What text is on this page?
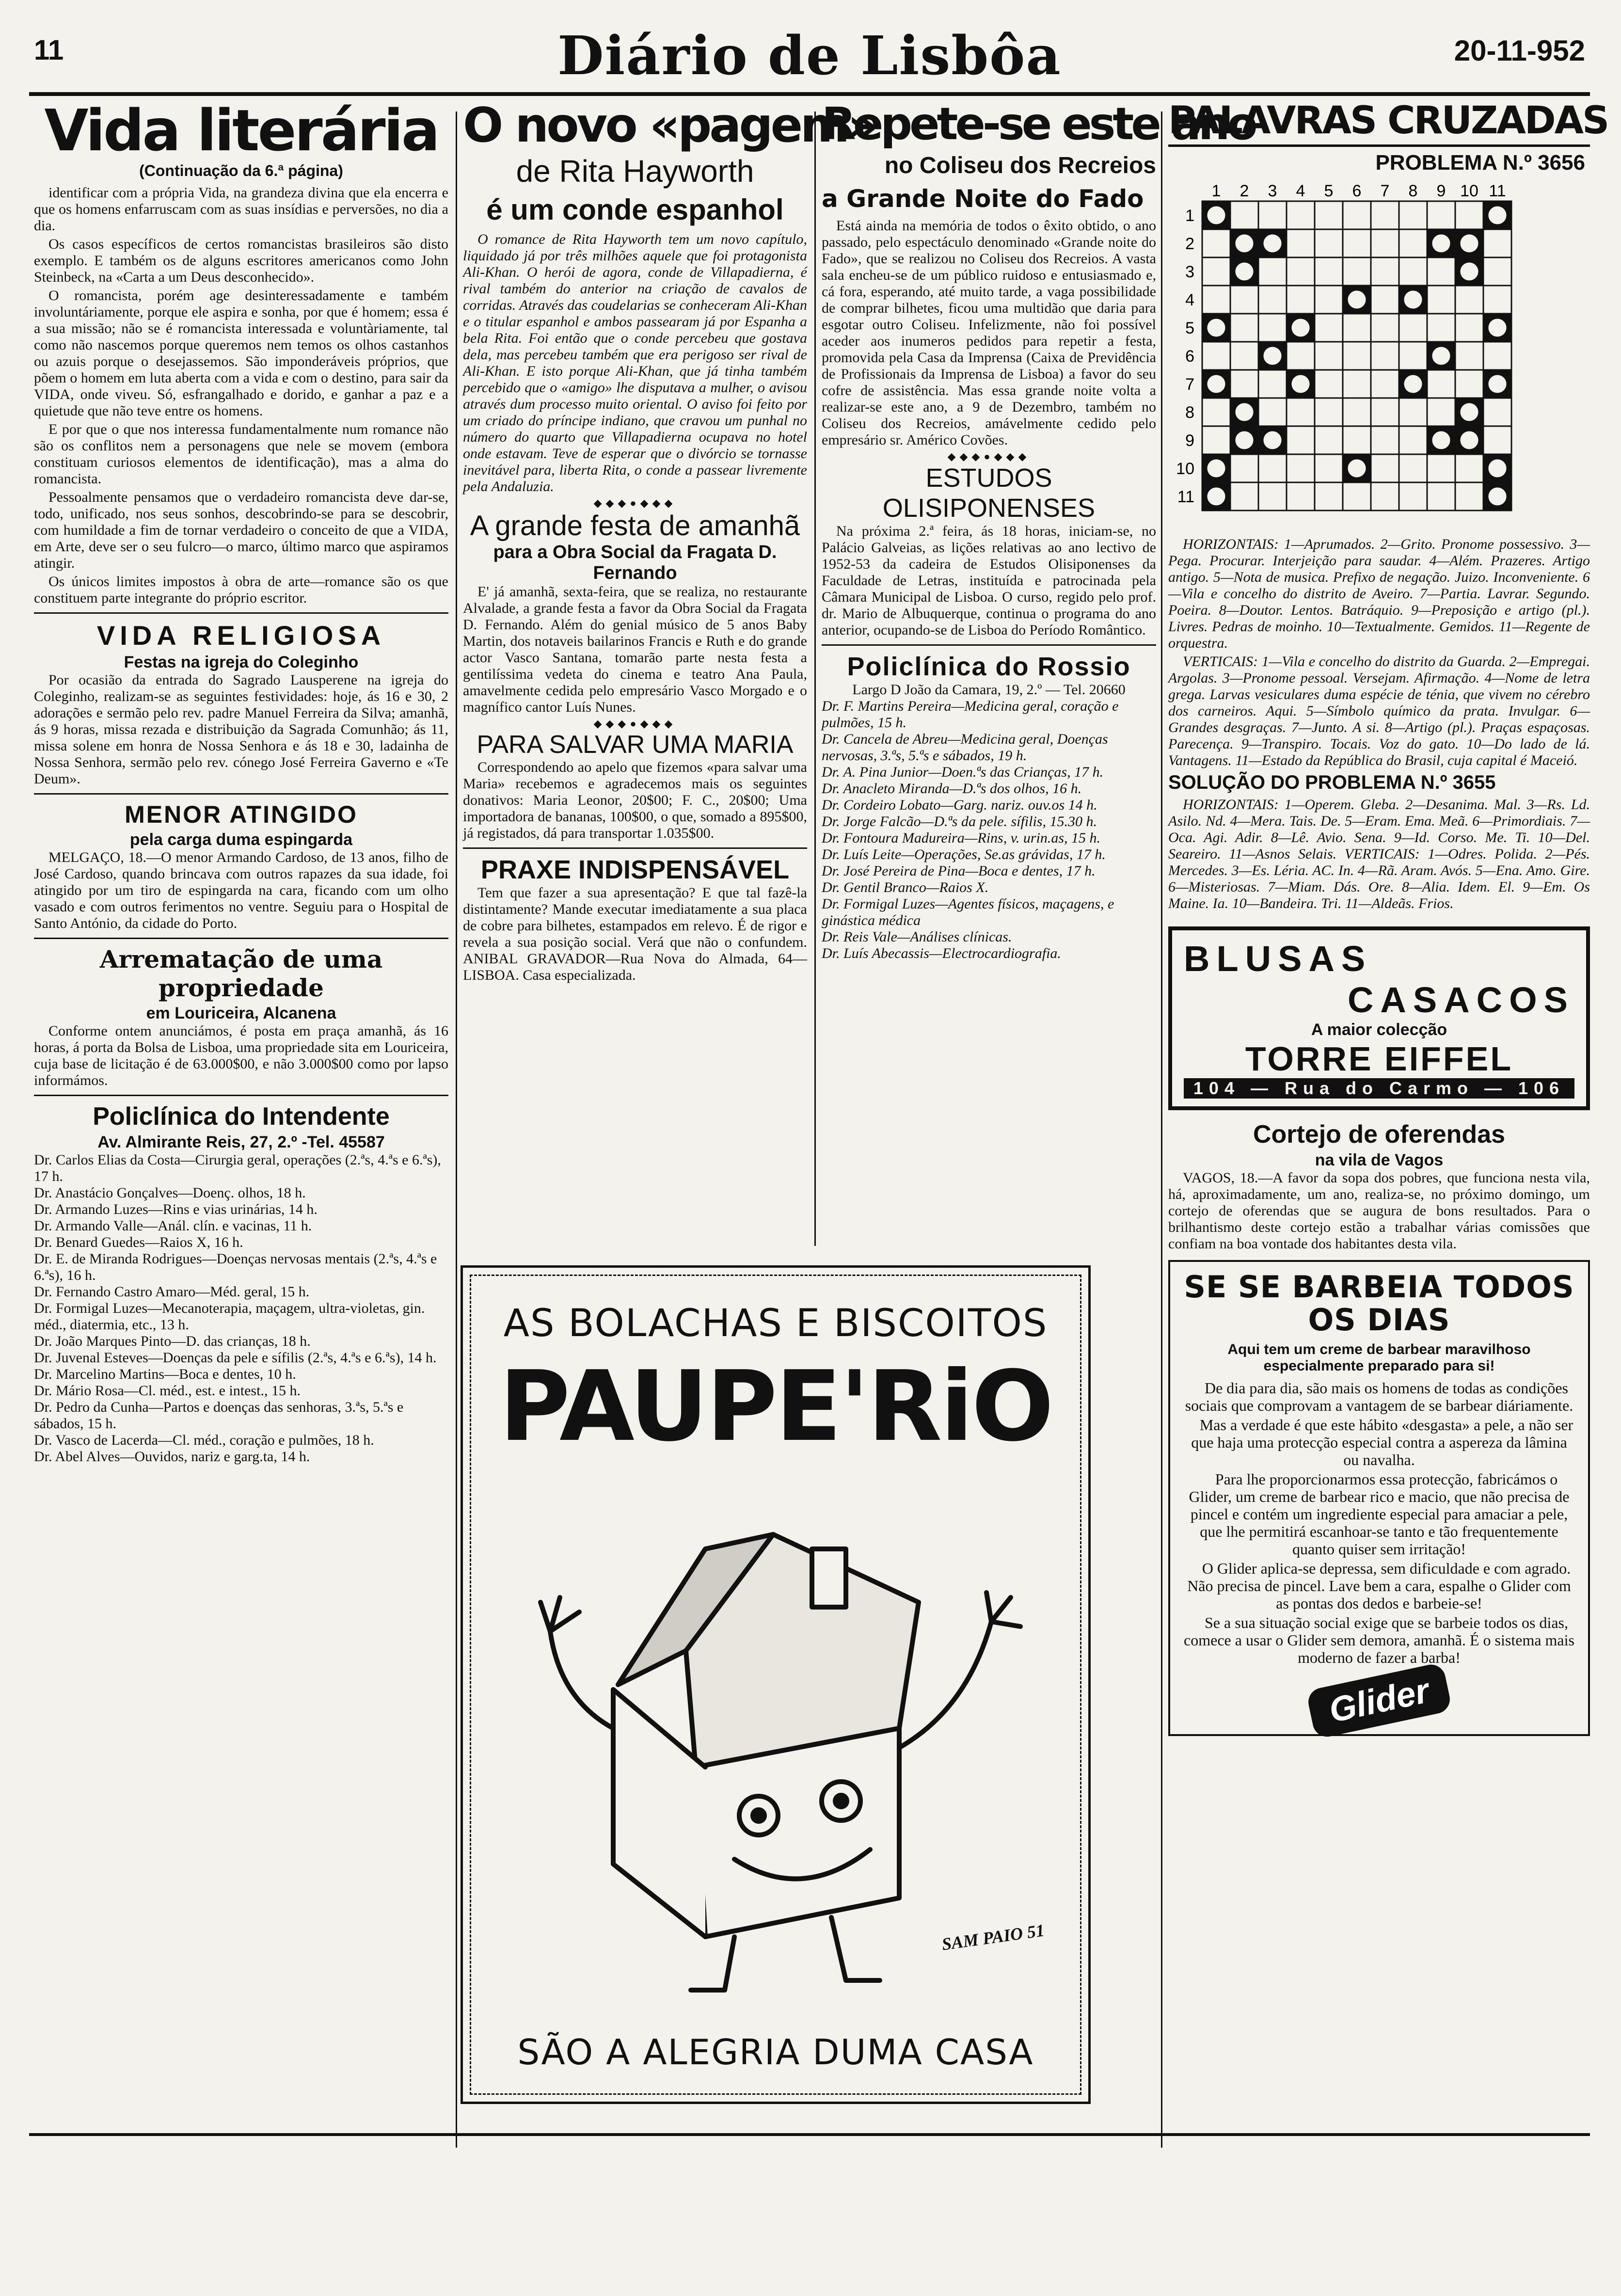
11	Diário de Lisbôa	20-11-952
Vida literária
(Continuação da 6.ª página)

identificar com a própria Vida, na grandeza divina que ela encerra e que os homens enfarruscam com as suas insídias e perversões, no dia a dia.

Os casos específicos de certos romancistas brasileiros são disto exemplo. E também os de alguns escritores americanos como John Steinbeck, na «Carta a um Deus desconhecido».

O romancista, porém age desinteressadamente e também involuntáriamente, porque ele aspira e sonha, por que é homem; essa é a sua missão; não se é romancista interessada e voluntàriamente, tal como não nascemos porque queremos nem temos os olhos castanhos ou azuis porque o desejassemos. São imponderáveis próprios, que põem o homem em luta aberta com a vida e com o destino, para sair da VIDA, onde viveu. Só, esfrangalhado e dorido, e ganhar a paz e a quietude que não teve entre os homens.

E por que o que nos interessa fundamentalmente num romance não são os conflitos nem a personagens que nele se movem (embora constituam curiosos elementos de identificação), mas a alma do romancista.

Pessoalmente pensamos que o verdadeiro romancista deve dar-se, todo, unificado, nos seus sonhos, descobrindo-se para se descobrir, com humildade a fim de tornar verdadeiro o conceito de que a VIDA, em Arte, deve ser o seu fulcro—o marco, último marco que aspiramos atingir.

Os únicos limites impostos à obra de arte—romance são os que constituem parte integrante do próprio escritor.

VIDA RELIGIOSA
Festas na igreja do Coleginho

Por ocasião da entrada do Sagrado Lausperene na igreja do Coleginho, realizam-se as seguintes festividades: hoje, ás 16 e 30, 2 adorações e sermão pelo rev. padre Manuel Ferreira da Silva; amanhã, ás 9 horas, missa rezada e distribuição da Sagrada Comunhão; ás 11, missa solene em honra de Nossa Senhora e ás 18 e 30, ladainha de Nossa Senhora, sermão pelo rev. cónego José Ferreira Gaverno e «Te Deum».

MENOR ATINGIDO
pela carga duma espingarda

MELGAÇO, 18.—O menor Armando Cardoso, de 13 anos, filho de José Cardoso, quando brincava com outros rapazes da sua idade, foi atingido por um tiro de espingarda na cara, ficando com um olho vasado e com outros ferimentos no ventre. Seguiu para o Hospital de Santo António, da cidade do Porto.

Arrematação de uma propriedade
em Louriceira, Alcanena

Conforme ontem anunciámos, é posta em praça amanhã, ás 16 horas, á porta da Bolsa de Lisboa, uma propriedade sita em Louriceira, cuja base de licitação é de 63.000$00, e não 3.000$00 como por lapso informámos.

Policlínica do Intendente
Av. Almirante Reis, 27, 2.º -Tel. 45587
Dr. Carlos Elias da Costa—Cirurgia geral, operações (2.ªs, 4.ªs e 6.ªs), 17 h.
Dr. Anastácio Gonçalves—Doenç. olhos, 18 h.
Dr. Armando Luzes—Rins e vias urinárias, 14 h.
Dr. Armando Valle—Anál. clín. e vacinas, 11 h.
Dr. Benard Guedes—Raios X, 16 h.
Dr. E. de Miranda Rodrigues—Doenças nervosas mentais (2.ªs, 4.ªs e 6.ªs), 16 h.
Dr. Fernando Castro Amaro—Méd. geral, 15 h.
Dr. Formigal Luzes—Mecanoterapia, maçagem, ultra-violetas, gin. méd., diatermia, etc., 13 h.
Dr. João Marques Pinto—D. das crianças, 18 h.
Dr. Juvenal Esteves—Doenças da pele e sífilis (2.ªs, 4.ªs e 6.ªs), 14 h.
Dr. Marcelino Martins—Boca e dentes, 10 h.
Dr. Mário Rosa—Cl. méd., est. e intest., 15 h.
Dr. Pedro da Cunha—Partos e doenças das senhoras, 3.ªs, 5.ªs e sábados, 15 h.
Dr. Vasco de Lacerda—Cl. méd., coração e pulmões, 18 h.
Dr. Abel Alves—Ouvidos, nariz e garg.ta, 14 h.
O novo «pagem»
de Rita Hayworth
é um conde espanhol

O romance de Rita Hayworth tem um novo capítulo, liquidado já por três milhões aquele que foi protagonista Ali-Khan. O herói de agora, conde de Villapadierna, é rival também do anterior na criação de cavalos de corridas. Através das coudelarias se conheceram Ali-Khan e o titular espanhol e ambos passearam já por Espanha a bela Rita. Foi então que o conde percebeu que gostava dela, mas percebeu também que era perigoso ser rival de Ali-Khan. E isto porque Ali-Khan, que já tinha também percebido que o «amigo» lhe disputava a mulher, o avisou através dum processo muito oriental. O aviso foi feito por um criado do príncipe indiano, que cravou um punhal no número do quarto que Villapadierna ocupava no hotel onde estavam. Teve de esperar que o divórcio se tornasse inevitável para, liberta Rita, o conde a passear livremente pela Andaluzia.

◆◆◆●◆◆◆
A grande festa de amanhã
para a Obra Social da Fragata D. Fernando

E' já amanhã, sexta-feira, que se realiza, no restaurante Alvalade, a grande festa a favor da Obra Social da Fragata D. Fernando. Além do genial músico de 5 anos Baby Martin, dos notaveis bailarinos Francis e Ruth e do grande actor Vasco Santana, tomarão parte nesta festa a gentilíssima vedeta do cinema e teatro Ana Paula, amavelmente cedida pelo empresário Vasco Morgado e o magnífico cantor Luís Nunes.

◆◆◆●◆◆◆
PARA SALVAR UMA MARIA

Correspondendo ao apelo que fizemos «para salvar uma Maria» recebemos e agradecemos mais os seguintes donativos: Maria Leonor, 20$00; F. C., 20$00; Uma importadora de bananas, 100$00, o que, somado a 895$00, já registados, dá para transportar 1.035$00.

PRAXE INDISPENSÁVEL

Tem que fazer a sua apresentação? E que tal fazê-la distintamente? Mande executar imediatamente a sua placa de cobre para bilhetes, estampados em relevo. É de rigor e revela a sua posição social. Verá que não o confundem. ANIBAL GRAVADOR—Rua Nova do Almada, 64—LISBOA. Casa especializada.

Repete-se este ano
no Coliseu dos Recreios
a Grande Noite do Fado

Está ainda na memória de todos o êxito obtido, o ano passado, pelo espectáculo denominado «Grande noite do Fado», que se realizou no Coliseu dos Recreios. A vasta sala encheu-se de um público ruidoso e entusiasmado e, cá fora, esperando, até muito tarde, a vaga possibilidade de comprar bilhetes, ficou uma multidão que daria para esgotar outro Coliseu. Infelizmente, não foi possível aceder aos inumeros pedidos para repetir a festa, promovida pela Casa da Imprensa (Caixa de Previdência de Profissionais da Imprensa de Lisboa) a favor do seu cofre de assistência. Mas essa grande noite volta a realizar-se este ano, a 9 de Dezembro, também no Coliseu dos Recreios, amávelmente cedido pelo empresário sr. Américo Covões.

◆◆◆●◆◆◆
ESTUDOS OLISIPONENSES

Na próxima 2.ª feira, ás 18 horas, iniciam-se, no Palácio Galveias, as lições relativas ao ano lectivo de 1952-53 da cadeira de Estudos Olisiponenses da Faculdade de Letras, instituída e patrocinada pela Câmara Municipal de Lisboa. O curso, regido pelo prof. dr. Mario de Albuquerque, continua o programa do ano anterior, ocupando-se de Lisboa do Período Romântico.

Policlínica do Rossio
Largo D João da Camara, 19, 2.º — Tel. 20660
Dr. F. Martins Pereira—Medicina geral, coração e pulmões, 15 h.
Dr. Cancela de Abreu—Medicina geral, Doenças nervosas, 3.ªs, 5.ªs e sábados, 19 h.
Dr. A. Pina Junior—Doen.ªs das Crianças, 17 h.
Dr. Anacleto Miranda—D.ªs dos olhos, 16 h.
Dr. Cordeiro Lobato—Garg. nariz. ouv.os 14 h.
Dr. Jorge Falcão—D.ªs da pele. sífilis, 15.30 h.
Dr. Fontoura Madureira—Rins, v. urin.as, 15 h.
Dr. Luís Leite—Operações, Se.as grávidas, 17 h.
Dr. José Pereira de Pina—Boca e dentes, 17 h.
Dr. Gentil Branco—Raios X.
Dr. Formigal Luzes—Agentes físicos, maçagens, e ginástica médica
Dr. Reis Vale—Análises clínicas.
Dr. Luís Abecassis—Electrocardiografia.
AS BOLACHAS E BISCOITOS
PAUPE'RiO
SAM PAIO 51
SÃO A ALEGRIA DUMA CASA
PALAVRAS CRUZADAS
PROBLEMA N.º 3656
1 2 3 4 5 6 7 8 9 10 11
1
2
3
4
5
6
7
8
9
10
11

HORIZONTAIS: 1—Aprumados. 2—Grito. Pronome possessivo. 3—Pega. Procurar. Interjeição para saudar. 4—Além. Prazeres. Artigo antigo. 5—Nota de musica. Prefixo de negação. Juizo. Inconveniente. 6—Vila e concelho do distrito de Aveiro. 7—Partia. Lavrar. Segundo. Poeira. 8—Doutor. Lentos. Batráquio. 9—Preposição e artigo (pl.). Livres. Pedras de moinho. 10—Textualmente. Gemidos. 11—Regente de orquestra.

VERTICAIS: 1—Vila e concelho do distrito da Guarda. 2—Empregai. Argolas. 3—Pronome pessoal. Versejam. Afirmação. 4—Nome de letra grega. Larvas vesiculares duma espécie de ténia, que vivem no cérebro dos carneiros. Aqui. 5—Símbolo químico da prata. Invulgar. 6—Grandes desgraças. 7—Junto. A si. 8—Artigo (pl.). Praças espaçosas. Parecença. 9—Transpiro. Tocais. Voz do gato. 10—Do lado de lá. Vantagens. 11—Estado da República do Brasil, cuja capital é Maceió.

SOLUÇÃO DO PROBLEMA N.º 3655

HORIZONTAIS: 1—Operem. Gleba. 2—Desanima. Mal. 3—Rs. Ld. Asilo. Nd. 4—Mera. Tais. De. 5—Eram. Ema. Meã. 6—Primordiais. 7—Oca. Agi. Adir. 8—Lê. Avio. Sena. 9—Id. Corso. Me. Ti. 10—Del. Seareiro. 11—Asnos Selais. VERTICAIS: 1—Odres. Polida. 2—Pés. Mercedes. 3—Es. Léria. AC. In. 4—Rã. Aram. Avós. 5—Ena. Amo. Gire. 6—Misteriosas. 7—Miam. Dás. Ore. 8—Alia. Idem. El. 9—Em. Os Maine. Ia. 10—Bandeira. Tri. 11—Aldeãs. Frios.

BLUSAS
CASACOS
A maior colecção
TORRE EIFFEL
104 — Rua do Carmo — 106
Cortejo de oferendas
na vila de Vagos

VAGOS, 18.—A favor da sopa dos pobres, que funciona nesta vila, há, aproximadamente, um ano, realiza-se, no próximo domingo, um cortejo de oferendas que se augura de bons resultados. Para o brilhantismo deste cortejo estão a trabalhar várias comissões que confiam na boa vontade dos habitantes desta vila.

SE SE BARBEIA TODOS OS DIAS
Aqui tem um creme de barbear maravilhoso especialmente preparado para si!

De dia para dia, são mais os homens de todas as condições sociais que comprovam a vantagem de se barbear diáriamente.

Mas a verdade é que este hábito «desgasta» a pele, a não ser que haja uma protecção especial contra a aspereza da lâmina ou navalha.

Para lhe proporcionarmos essa protecção, fabricámos o Glider, um creme de barbear rico e macio, que não precisa de pincel e contém um ingrediente especial para amaciar a pele, que lhe permitirá escanhoar-se tanto e tão frequentemente quanto quiser sem irritação!

O Glider aplica-se depressa, sem dificuldade e com agrado. Não precisa de pincel. Lave bem a cara, espalhe o Glider com as pontas dos dedos e barbeie-se!

Se a sua situação social exige que se barbeie todos os dias, comece a usar o Glider sem demora, amanhã. É o sistema mais moderno de fazer a barba!

Glider
